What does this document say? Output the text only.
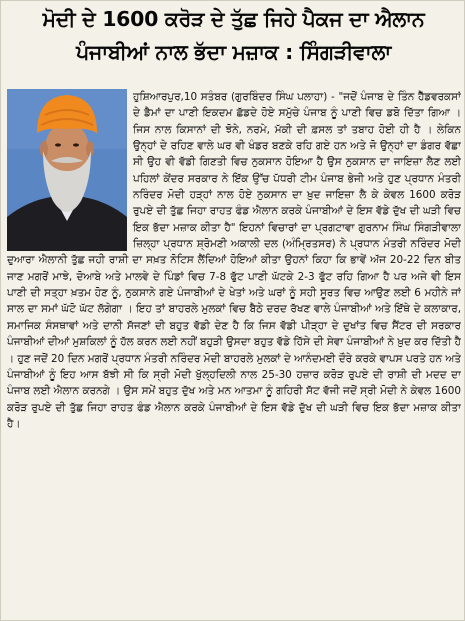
ਮੋਦੀ ਦੇ 1600 ਕਰੋੜ ਦੇ ਤੁੱਛ ਜਿਹੇ ਪੈਕਜ ਦਾ ਐਲਾਨ
ਪੰਜਾਬੀਆਂ ਨਾਲ ਭੱਦਾ ਮਜ਼ਾਕ : ਸਿੰਗੜੀਵਾਲਾ

ਹੁਸ਼ਿਆਰਪੁਰ,10 ਸਤੰਬਰ (ਗੁਰਬਿੰਦਰ ਸਿੰਘ ਪਲਾਹਾ) - "ਜਦੋਂ ਪੰਜਾਬ ਦੇ ਤਿੰਨ ਹੈੱਡਵਰਕਸਾਂ ਦੇ ਡੈਮਾਂ ਦਾ ਪਾਣੀ ਇਕਦਮ ਛੱਡਦੇ ਹੋਏ ਸਮੁੱਚੇ ਪੰਜਾਬ ਨੂੰ ਪਾਣੀ ਵਿਚ ਡਬੋ ਦਿੱਤਾ ਗਿਆ । ਜਿਸ ਨਾਲ ਕਿਸਾਨਾਂ ਦੀ ਝੋਨੇ, ਨਰਮੇ, ਮੱਕੀ ਦੀ ਫ਼ਸਲ ਤਾਂ ਤਬਾਹ ਹੋਈ ਹੀ ਹੈ । ਲੇਕਿਨ ਉਨ੍ਹਾਂ ਦੇ ਰਹਿਣ ਵਾਲੇ ਘਰ ਵੀ ਖੰਡਰ ਬਣਕੇ ਰਹਿ ਗਏ ਹਨ ਅਤੇ ਜੋ ਉਨ੍ਹਾਂ ਦਾ ਡੰਗਰ ਵੱਛਾ ਸੀ ਉਹ ਵੀ ਵੱਡੀ ਗਿਣਤੀ ਵਿਚ ਨੁਕਸਾਨ ਹੋਇਆ ਹੈ ਉਸ ਨੁਕਸਾਨ ਦਾ ਜਾਇਜ਼ਾ ਲੈਣ ਲਈ ਪਹਿਲਾਂ ਕੇਂਦਰ ਸਰਕਾਰ ਨੇ ਇੱਕ ਉੱਚ ਪੱਧਰੀ ਟੀਮ ਪੰਜਾਬ ਭੇਜੀ ਅਤੇ ਹੁਣ ਪ੍ਰਧਾਨ ਮੰਤਰੀ ਨਰਿੰਦਰ ਮੋਦੀ ਹੜ੍ਹਾਂ ਨਾਲ ਹੋਏ ਨੁਕਸਾਨ ਦਾ ਖ਼ੁਦ ਜਾਇਜ਼ਾ ਲੈ ਕੇ ਕੇਵਲ 1600 ਕਰੋੜ ਰੁਪਏ ਦੀ ਤੁੱਛ ਜਿਹਾ ਰਾਹਤ ਫੰਡ ਐਲਾਨ ਕਰਕੇ ਪੰਜਾਬੀਆਂ ਦੇ ਇਸ ਵੱਡੇ ਦੁੱਖ ਦੀ ਘੜੀ ਵਿਚ ਇਕ ਭੱਦਾ ਮਜ਼ਾਕ ਕੀਤਾ ਹੈ" ਇਹਨਾਂ ਵਿਚਾਰਾਂ ਦਾ ਪ੍ਰਗਟਾਵਾ ਗੁਰਨਾਮ ਸਿੰਘ ਸਿੰਗੜੀਵਾਲਾ ਜ਼ਿਲ੍ਹਾ ਪ੍ਰਧਾਨ ਸ਼੍ਰੋਮਣੀ ਅਕਾਲੀ ਦਲ (ਅੰਮ੍ਰਿਤਸਰ) ਨੇ ਪ੍ਰਧਾਨ ਮੰਤਰੀ ਨਰਿੰਦਰ ਮੋਦੀ ਦੁਆਰਾ ਐਲਾਨੀ ਤੁੱਛ ਜਹੀ ਰਾਸ਼ੀ ਦਾ ਸਖ਼ਤ ਨੋਟਿਸ ਲੈਂਦਿਆਂ ਹੋਇਆਂ ਕੀਤਾ ਉਹਨਾਂ ਕਿਹਾ ਕਿ ਭਾਵੇਂ ਅੱਜ 20-22 ਦਿਨ ਬੀਤ ਜਾਣ ਮਗਰੋਂ ਮਾਝੇ, ਦੋਆਬੇ ਅਤੇ ਮਾਲਵੇ ਦੇ ਪਿੰਡਾਂ ਵਿਚ 7-8 ਫੁੱਟ ਪਾਣੀ ਘੱਟਕੇ 2-3 ਫੁੱਟ ਰਹਿ ਗਿਆ ਹੈ ਪਰ ਅਜੇ ਵੀ ਇਸ ਪਾਣੀ ਦੀ ਸਤ੍ਹਾ ਖ਼ਤਮ ਹੋਣ ਨੂੰ, ਨੁਕਸਾਨੇ ਗਏ ਪੰਜਾਬੀਆਂ ਦੇ ਖੇਤਾਂ ਅਤੇ ਘਰਾਂ ਨੂੰ ਸਹੀ ਸੂਰਤ ਵਿਚ ਆਉਣ ਲਈ 6 ਮਹੀਨੇ ਜਾਂ ਸਾਲ ਦਾ ਸਮਾਂ ਘੱਟੋ ਘੱਟ ਲੱਗੇਗਾ । ਇਹ ਤਾਂ ਬਾਹਰਲੇ ਮੁਲਕਾਂ ਵਿਚ ਬੈਠੇ ਦਰਦ ਰੱਖਣ ਵਾਲੇ ਪੰਜਾਬੀਆਂ ਅਤੇ ਇੱਥੇ ਦੇ ਕਲਾਕਾਰ, ਸਮਾਜਿਕ ਸੰਸਥਾਵਾਂ ਅਤੇ ਦਾਨੀ ਸੱਜਣਾਂ ਦੀ ਬਹੁਤ ਵੱਡੀ ਦੇਣ ਹੈ ਕਿ ਜਿਸ ਵੱਡੀ ਪੀੜ੍ਹਾ ਦੇ ਦੁਖਾਂਤ ਵਿਚ ਸੈਂਟਰ ਦੀ ਸਰਕਾਰ ਪੰਜਾਬੀਆਂ ਦੀਆਂ ਮੁਸ਼ਕਿਲਾਂ ਨੂੰ ਹੱਲ ਕਰਨ ਲਈ ਨਹੀਂ ਬਹੁੜੀ ਉਸਦਾ ਬਹੁਤ ਵੱਡੇ ਹਿੱਸੇ ਦੀ ਸੇਵਾ ਪੰਜਾਬੀਆਂ ਨੇ ਖ਼ੁਦ ਕਰ ਦਿੱਤੀ ਹੈ । ਹੁਣ ਜਦੋਂ 20 ਦਿਨ ਮਗਰੋਂ ਪ੍ਰਧਾਨ ਮੰਤਰੀ ਨਰਿੰਦਰ ਮੋਦੀ ਬਾਹਰਲੇ ਮੁਲਕਾਂ ਦੇ ਆਨੰਦਮਈ ਦੌਰੇ ਕਰਕੇ ਵਾਪਸ ਪਰਤੇ ਹਨ ਅਤੇ ਪੰਜਾਬੀਆਂ ਨੂੰ ਇਹ ਆਸ ਬੱਝੀ ਸੀ ਕਿ ਸ੍ਰੀ ਮੋਦੀ ਖੁੱਲ੍ਹਦਿਲੀ ਨਾਲ 25-30 ਹਜ਼ਾਰ ਕਰੋੜ ਰੁਪਏ ਦੀ ਰਾਸ਼ੀ ਦੀ ਮਦਦ ਦਾ ਪੰਜਾਬ ਲਈ ਐਲਾਨ ਕਰਨਗੇ । ਉਸ ਸਮੇਂ ਬਹੁਤ ਦੁੱਖ ਅਤੇ ਮਨ ਆਤਮਾ ਨੂੰ ਗਹਿਰੀ ਸੱਟ ਵੱਜੀ ਜਦੋਂ ਸ੍ਰੀ ਮੋਦੀ ਨੇ ਕੇਵਲ 1600 ਕਰੋੜ ਰੁਪਏ ਦੀ ਤੁੱਛ ਜਿਹਾ ਰਾਹਤ ਫੰਡ ਐਲਾਨ ਕਰਕੇ ਪੰਜਾਬੀਆਂ ਦੇ ਇਸ ਵੱਡੇ ਦੁੱਖ ਦੀ ਘੜੀ ਵਿਚ ਇਕ ਭੱਦਾ ਮਜ਼ਾਕ ਕੀਤਾ ਹੈ।
